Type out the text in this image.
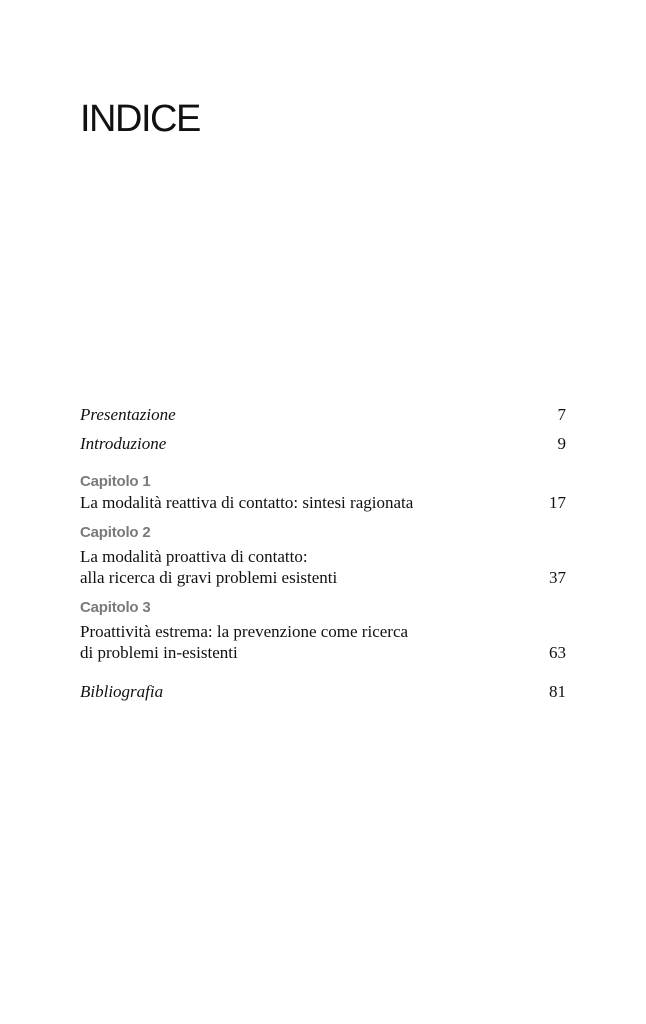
INDICE
Presentazione	7
Introduzione	9
Capitolo 1
La modalità reattiva di contatto: sintesi ragionata	17
Capitolo 2
La modalità proattiva di contatto:
alla ricerca di gravi problemi esistenti	37
Capitolo 3
Proattività estrema: la prevenzione come ricerca
di problemi in-esistenti	63
Bibliografia	81
